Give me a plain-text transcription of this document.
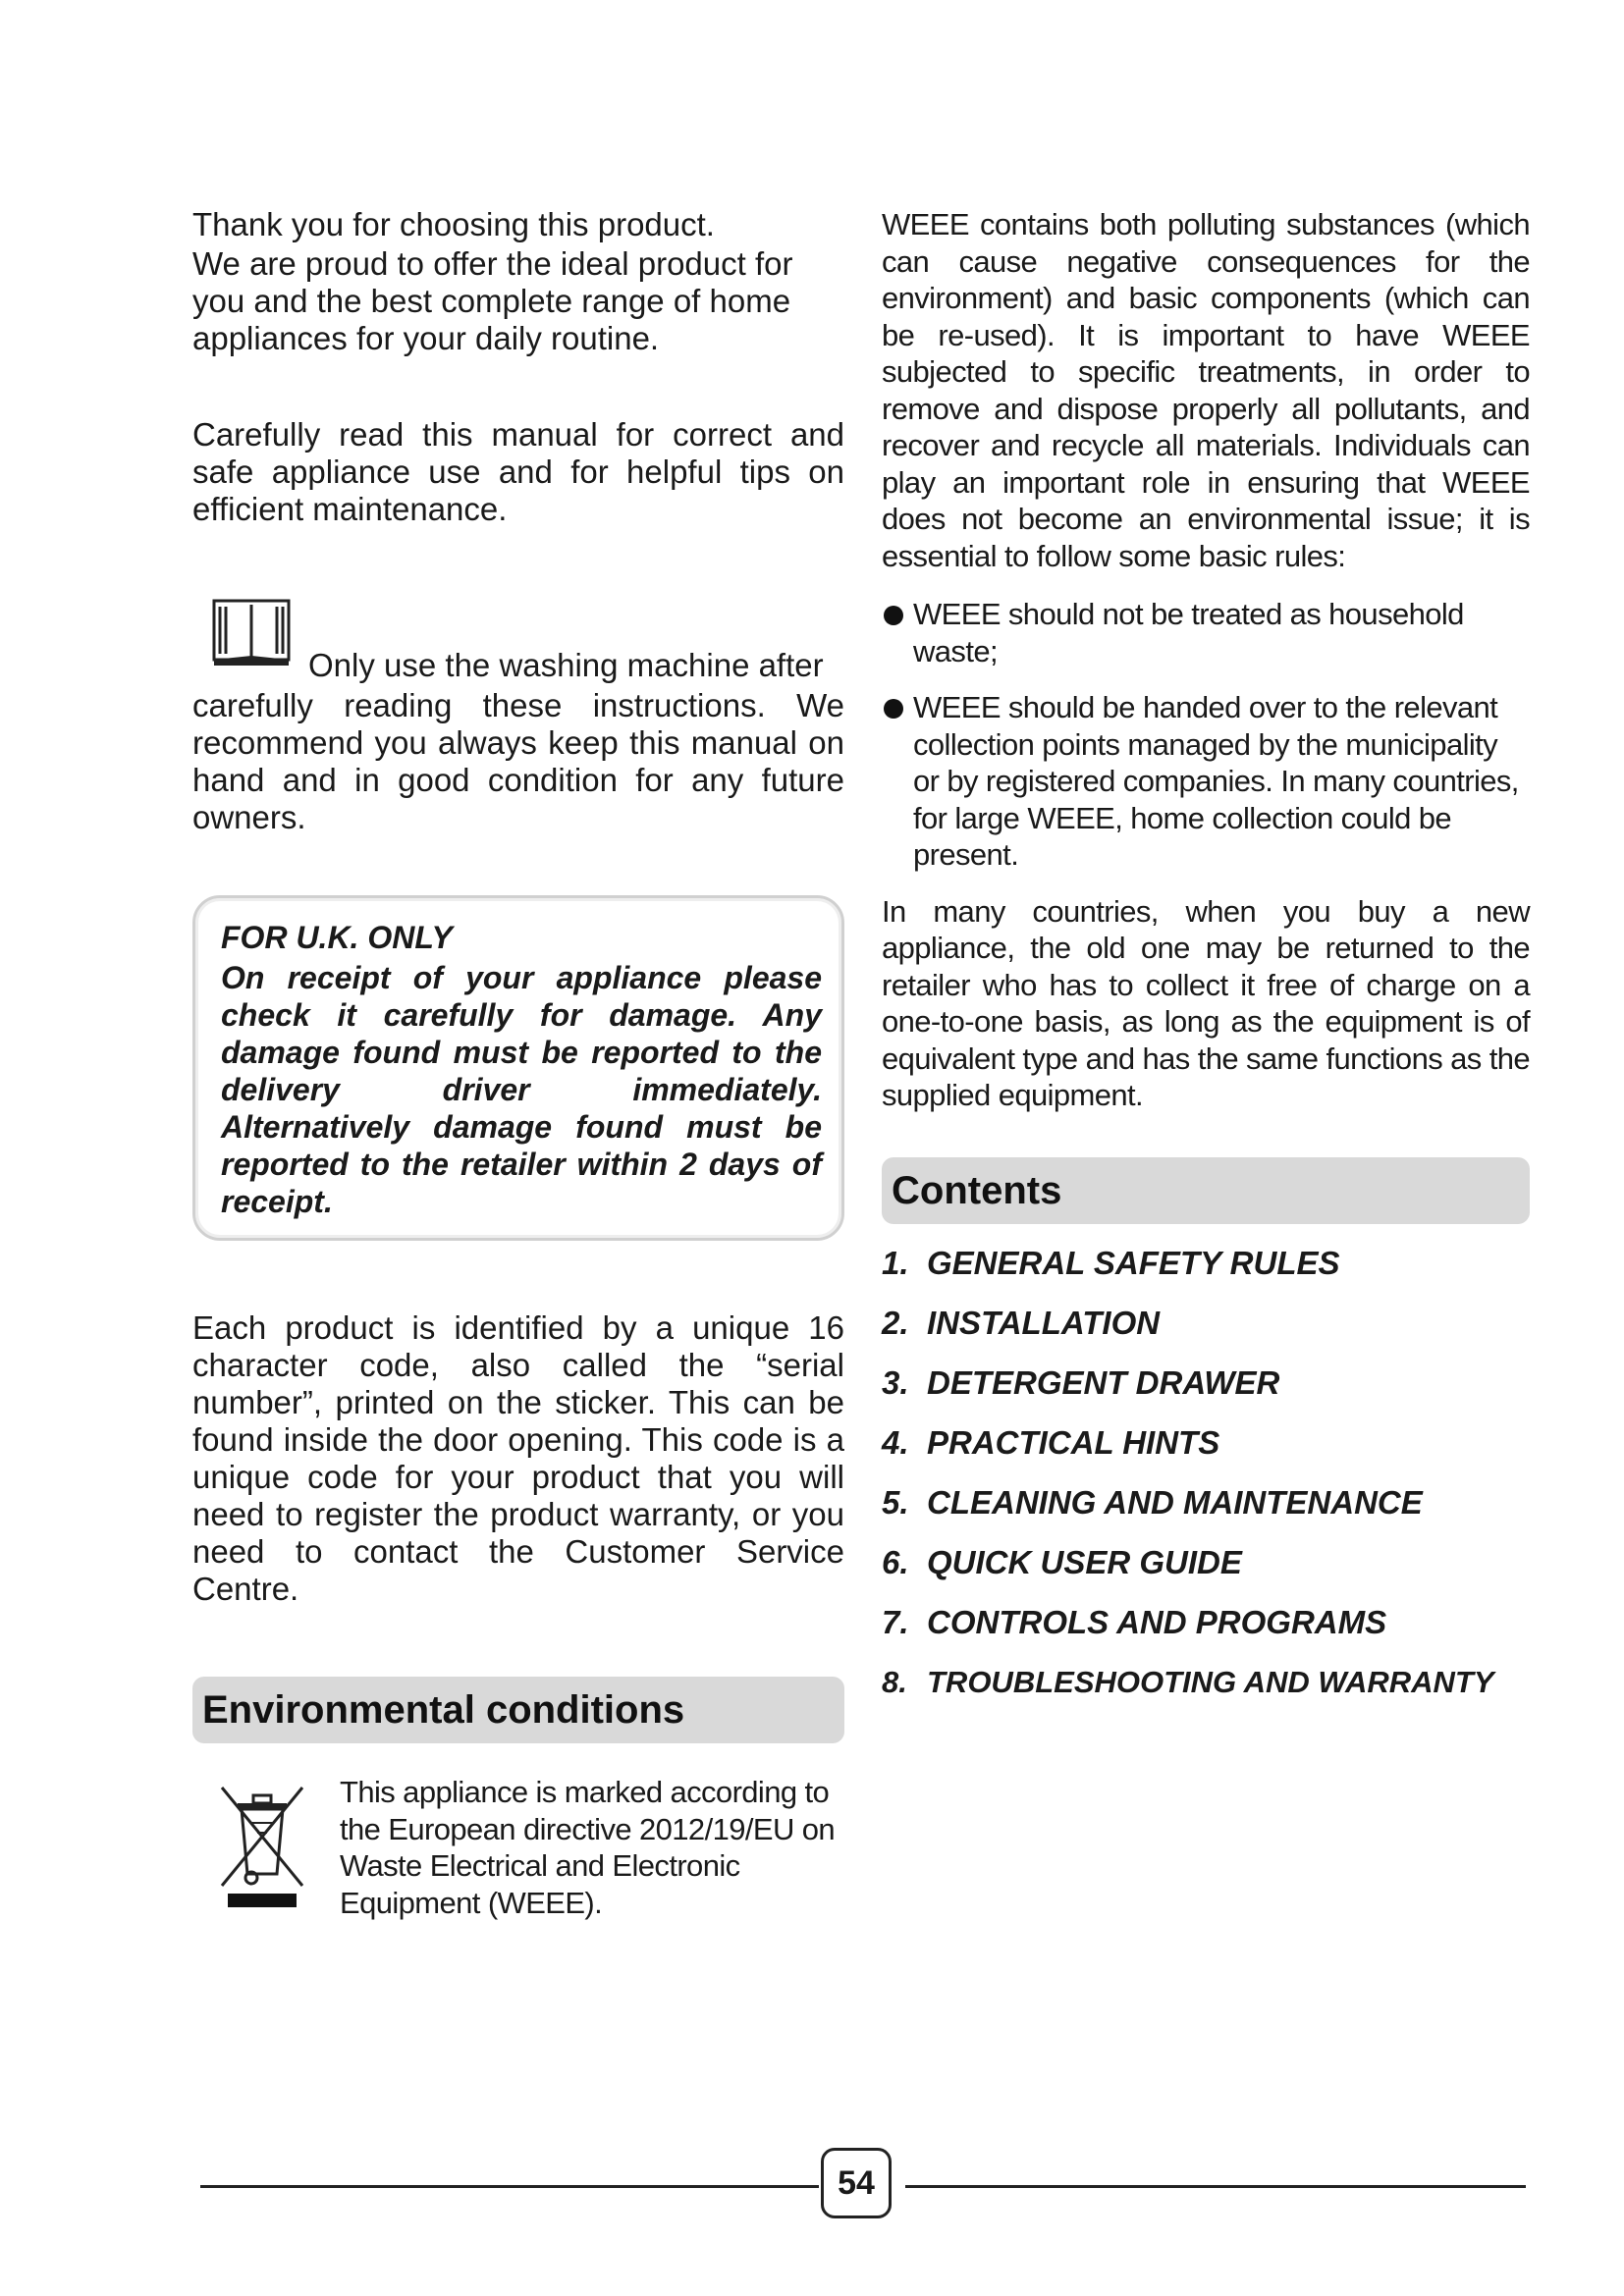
Thank you for choosing this product.

We are proud to offer the ideal product for you and the best complete range of home appliances for your daily routine.

Carefully read this manual for correct and safe appliance use and for helpful tips on efficient maintenance.

Only use the washing machine after

carefully reading these instructions. We recommend you always keep this manual on hand and in good condition for any future owners.

FOR U.K. ONLY

On receipt of your appliance please check it carefully for damage. Any damage found must be reported to the delivery driver immediately. Alternatively damage found must be reported to the retailer within 2 days of receipt.

Each product is identified by a unique 16 character code, also called the “serial number”, printed on the sticker. This can be found inside the door opening. This code is a unique code for your product that you will need to register the product warranty, or you need to contact the Customer Service Centre.

Environmental conditions

This appliance is marked according to the European directive 2012/19/EU on Waste Electrical and Electronic Equipment (WEEE).

WEEE contains both polluting substances (which can cause negative consequences for the environment) and basic components (which can be re-used). It is important to have WEEE subjected to specific treatments, in order to remove and dispose properly all pollutants, and recover and recycle all materials. Individuals can play an important role in ensuring that WEEE does not become an environmental issue; it is essential to follow some basic rules:

WEEE should not be treated as household waste;
WEEE should be handed over to the relevant collection points managed by the municipality or by registered companies. In many countries, for large WEEE, home collection could be present.

In many countries, when you buy a new appliance, the old one may be returned to the retailer who has to collect it free of charge on a one-to-one basis, as long as the equipment is of equivalent type and has the same functions as the supplied equipment.

Contents
1. GENERAL SAFETY RULES
2. INSTALLATION
3. DETERGENT DRAWER
4. PRACTICAL HINTS
5. CLEANING AND MAINTENANCE
6. QUICK USER GUIDE
7. CONTROLS AND PROGRAMS
8. TROUBLESHOOTING AND WARRANTY
54
